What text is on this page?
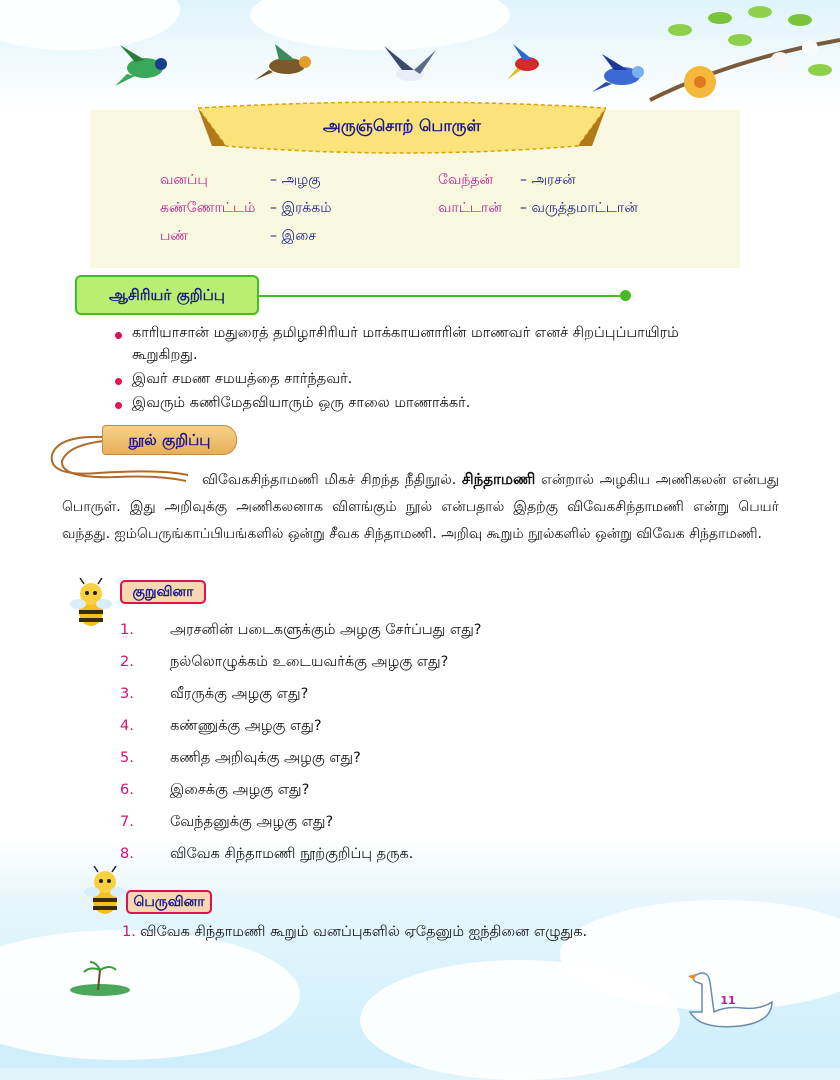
அருஞ்சொற் பொருள்
வனப்பு	– அழகு
கண்ணோட்டம் – இரக்கம்
பண்	– இசை
வேந்தன் – அரசன்
வாட்டான் – வருத்தமாட்டான்
ஆசிரியர் குறிப்பு
காரியாசான் மதுரைத் தமிழாசிரியர் மாக்காயனாரின் மாணவர் எனச் சிறப்புப்பாயிரம் கூறுகிறது.
இவர் சமண சமயத்தை சார்ந்தவர்.
இவரும் கணிமேதவியாரும் ஒரு சாலை மாணாக்கர்.
நூல் குறிப்பு
விவேகசிந்தாமணி மிகச் சிறந்த நீதிநூல். சிந்தாமணி என்றால் அழகிய அணிகலன் என்பது பொருள். இது அறிவுக்கு அணிகலனாக விளங்கும் நூல் என்பதால் இதற்கு விவேகசிந்தாமணி என்று பெயர் வந்தது. ஐம்பெருங்காப்பியங்களில் ஒன்று சீவக சிந்தாமணி. அறிவு கூறும் நூல்களில் ஒன்று விவேக சிந்தாமணி.
குறுவினா
1.	அரசனின் படைகளுக்கும் அழகு சேர்ப்பது எது?
2.	நல்லொழுக்கம் உடையவர்க்கு அழகு எது?
3.	வீரருக்கு அழகு எது?
4.	கண்ணுக்கு அழகு எது?
5.	கணித அறிவுக்கு அழகு எது?
6.	இசைக்கு அழகு எது?
7.	வேந்தனுக்கு அழகு எது?
8.	விவேக சிந்தாமணி நூற்குறிப்பு தருக.
பெருவினா
1. விவேக சிந்தாமணி கூறும் வனப்புகளில் ஏதேனும் ஐந்தினை எழுதுக.
11
